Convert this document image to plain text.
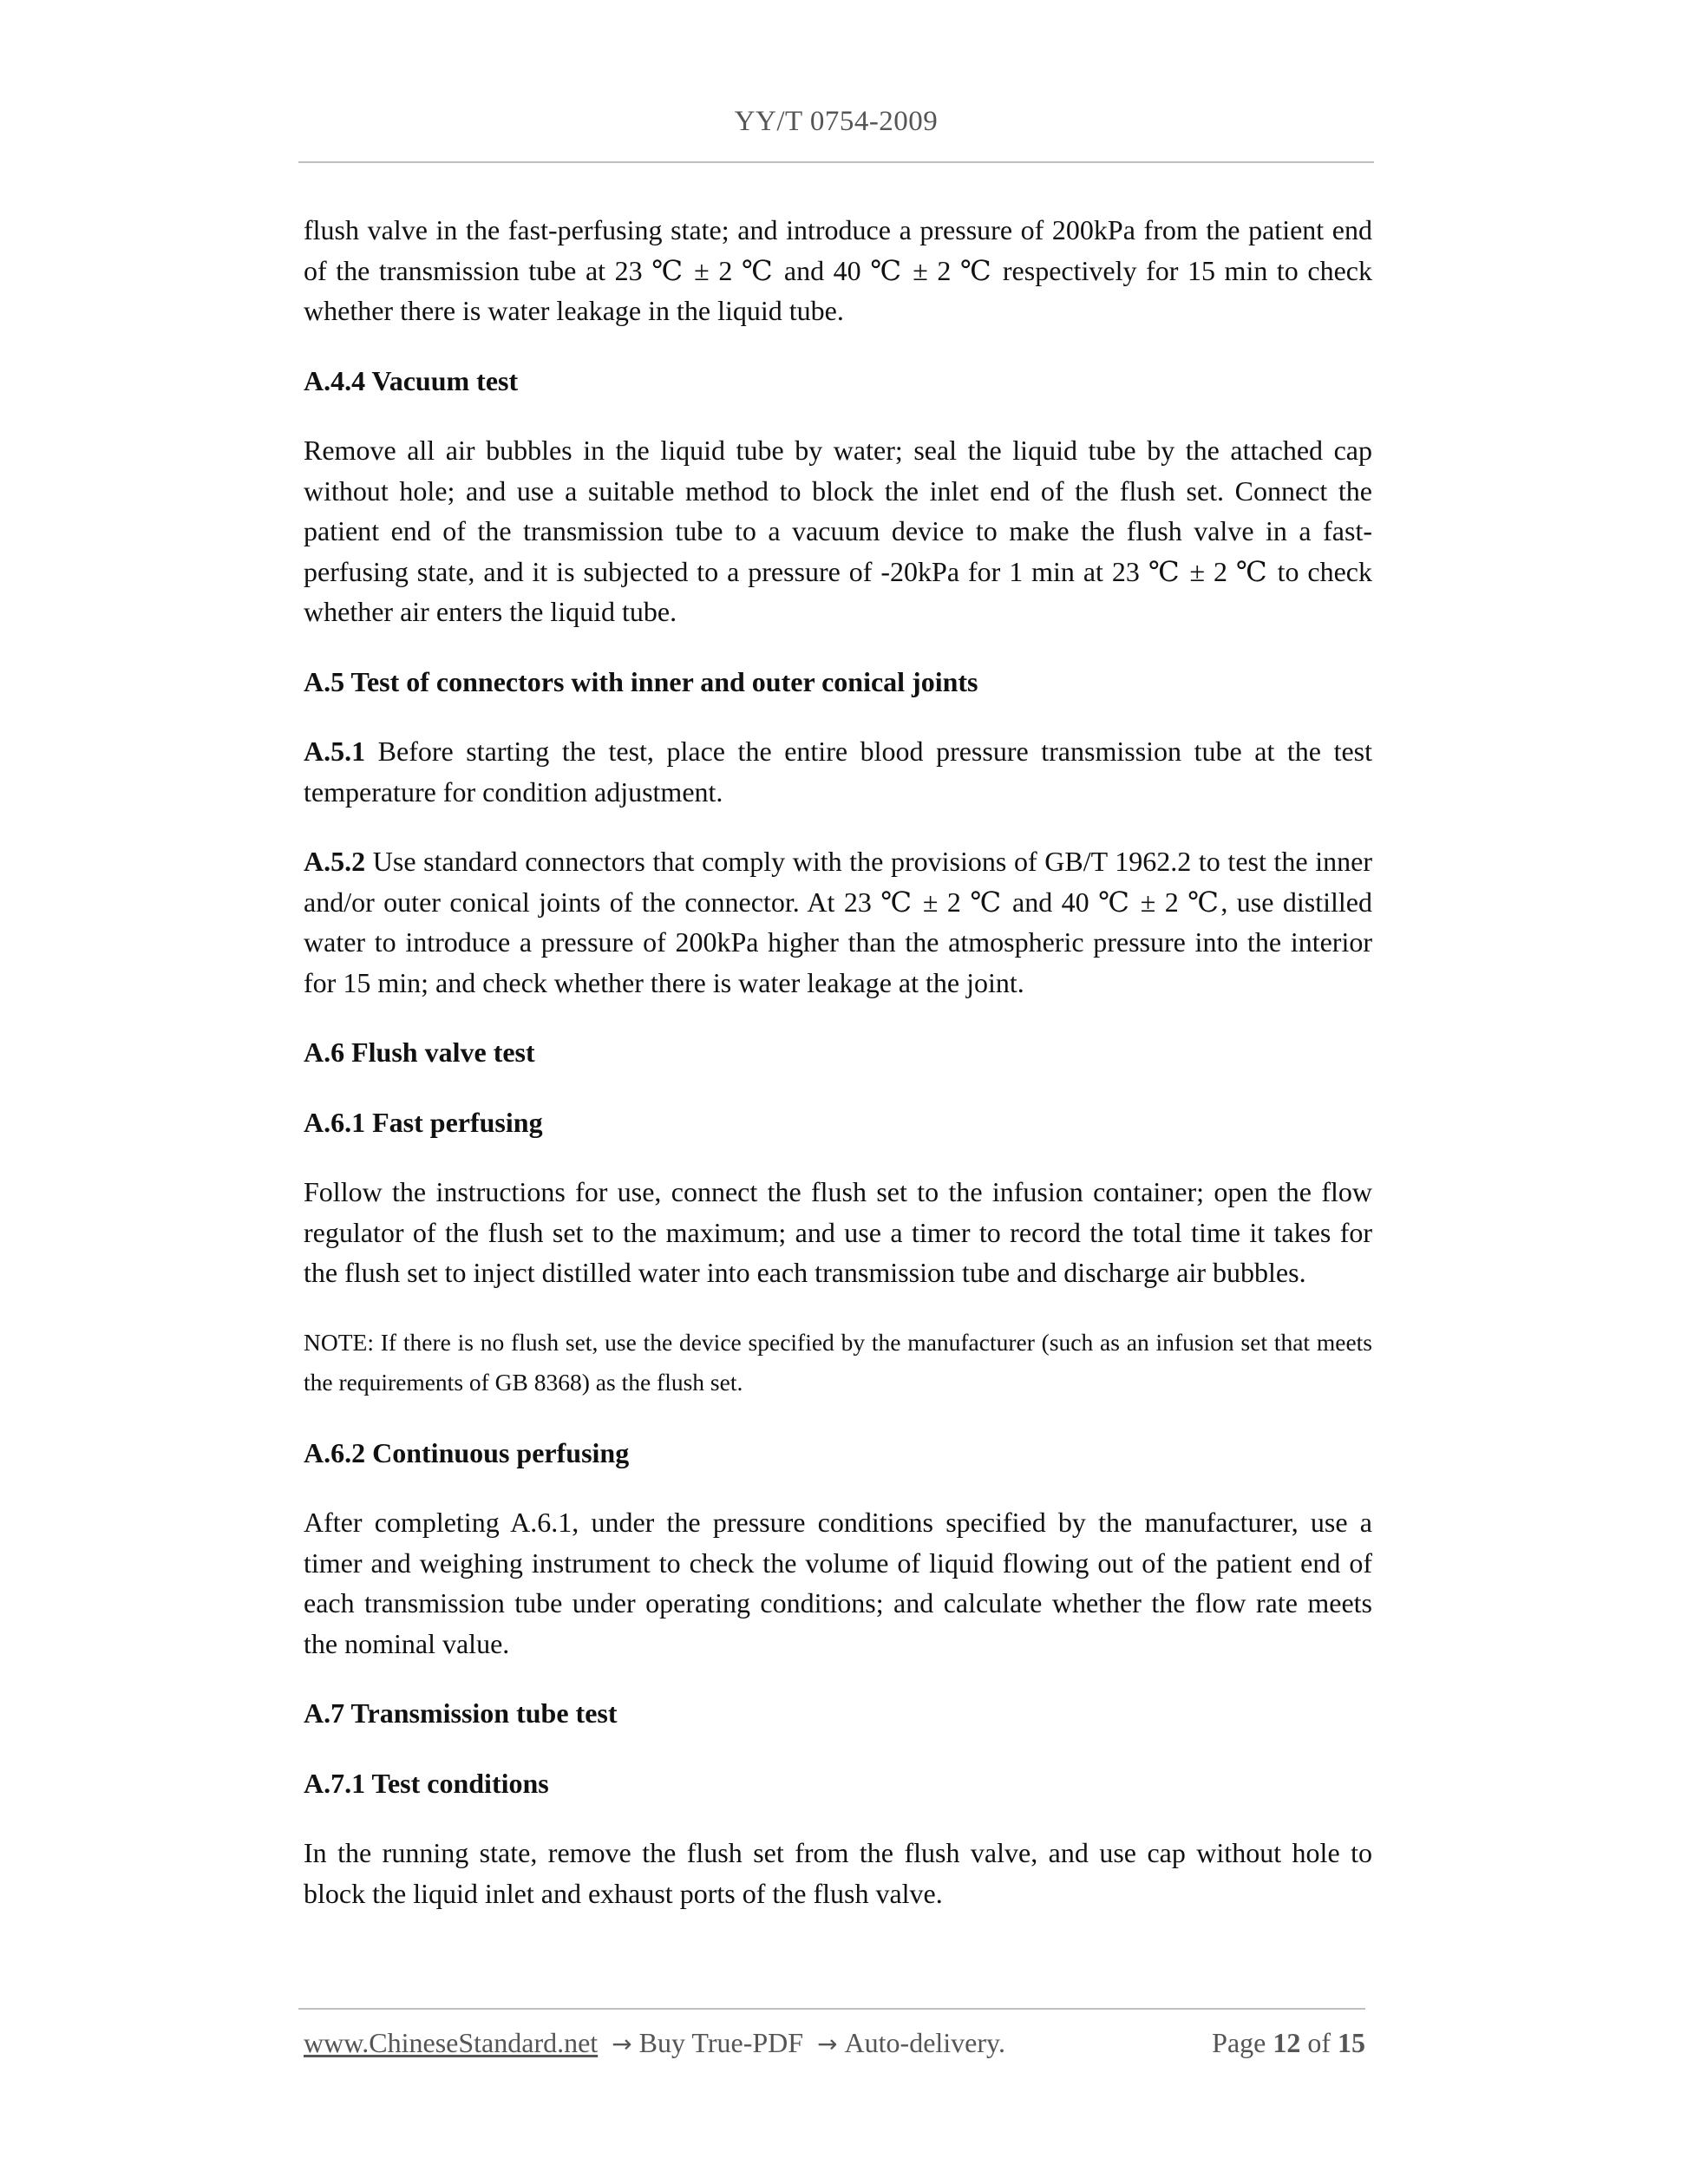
YY/T 0754-2009

flush valve in the fast-perfusing state; and introduce a pressure of 200kPa from the patient end of the transmission tube at 23 ℃ ± 2 ℃ and 40 ℃ ± 2 ℃ respectively for 15 min to check whether there is water leakage in the liquid tube.

A.4.4 Vacuum test

Remove all air bubbles in the liquid tube by water; seal the liquid tube by the attached cap without hole; and use a suitable method to block the inlet end of the flush set. Connect the patient end of the transmission tube to a vacuum device to make the flush valve in a fast-perfusing state, and it is subjected to a pressure of -20kPa for 1 min at 23 ℃ ± 2 ℃ to check whether air enters the liquid tube.

A.5 Test of connectors with inner and outer conical joints

A.5.1 Before starting the test, place the entire blood pressure transmission tube at the test temperature for condition adjustment.

A.5.2 Use standard connectors that comply with the provisions of GB/T 1962.2 to test the inner and/or outer conical joints of the connector. At 23 ℃ ± 2 ℃ and 40 ℃ ± 2 ℃, use distilled water to introduce a pressure of 200kPa higher than the atmospheric pressure into the interior for 15 min; and check whether there is water leakage at the joint.

A.6 Flush valve test
A.6.1 Fast perfusing

Follow the instructions for use, connect the flush set to the infusion container; open the flow regulator of the flush set to the maximum; and use a timer to record the total time it takes for the flush set to inject distilled water into each transmission tube and discharge air bubbles.

NOTE: If there is no flush set, use the device specified by the manufacturer (such as an infusion set that meets the requirements of GB 8368) as the flush set.

A.6.2 Continuous perfusing

After completing A.6.1, under the pressure conditions specified by the manufacturer, use a timer and weighing instrument to check the volume of liquid flowing out of the patient end of each transmission tube under operating conditions; and calculate whether the flow rate meets the nominal value.

A.7 Transmission tube test
A.7.1 Test conditions

In the running state, remove the flush set from the flush valve, and use cap without hole to block the liquid inlet and exhaust ports of the flush valve.

www.ChineseStandard.net → Buy True-PDF → Auto-delivery.	Page 12 of 15
